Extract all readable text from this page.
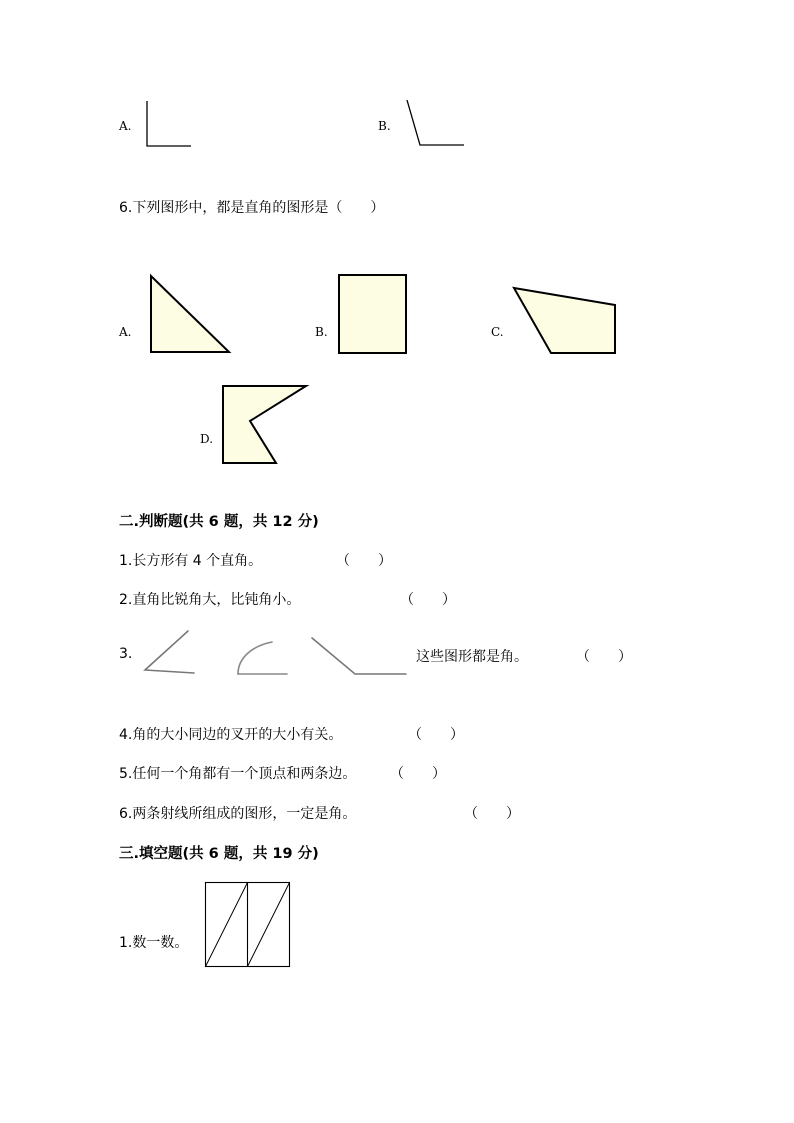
A.	B.
6.下列图形中，都是直角的图形是（　　）
A.	B.	C.
D.
二.判断题(共 6 题，共 12 分)
1.长方形有 4 个直角。	（　　）
2.直角比锐角大，比钝角小。	（　　）
3.	这些图形都是角。	（　　）
4.角的大小同边的叉开的大小有关。	（　　）
5.任何一个角都有一个顶点和两条边。 （　　）
6.两条射线所组成的图形，一定是角。	（　　）
三.填空题(共 6 题，共 19 分)
1.数一数。
